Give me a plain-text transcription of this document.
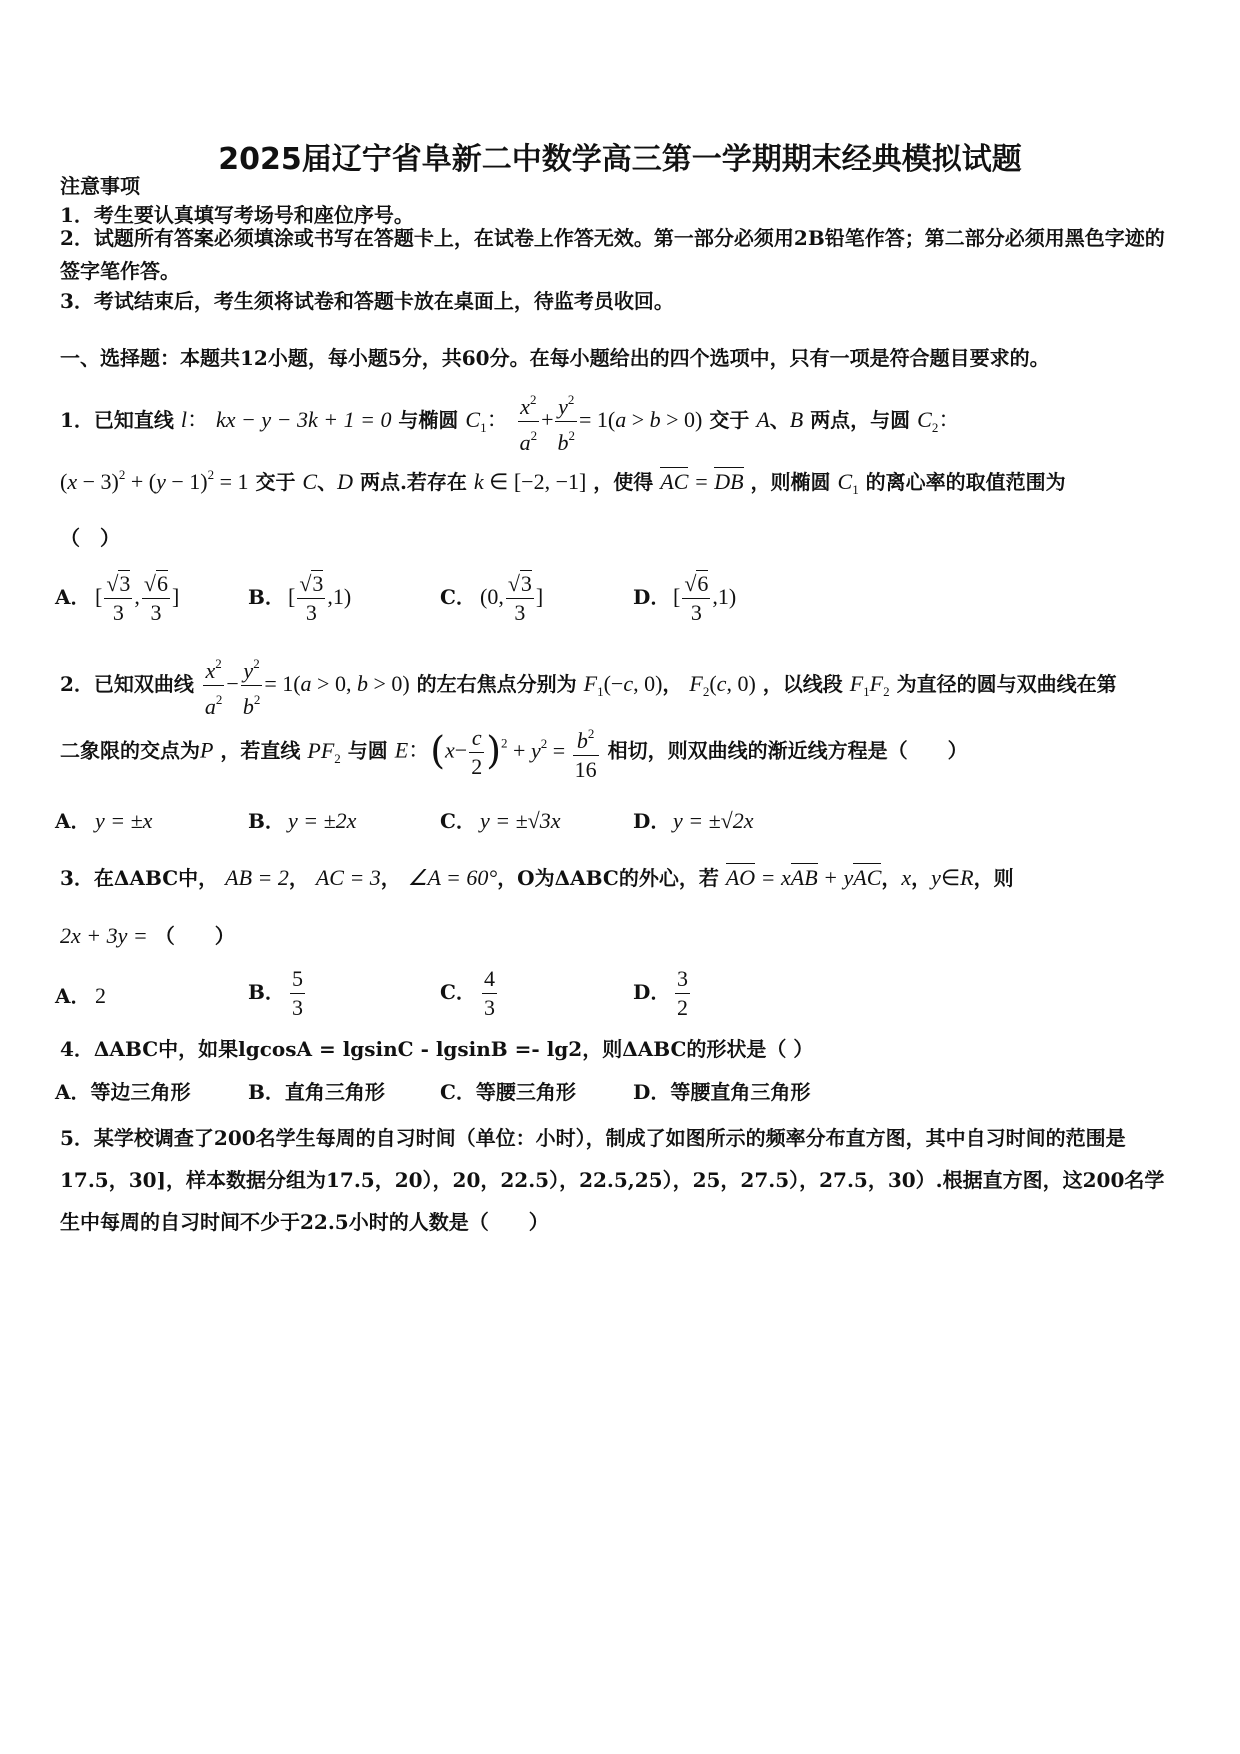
2025届辽宁省阜新二中数学高三第一学期期末经典模拟试题
注意事项
1．考生要认真填写考场号和座位序号。
2．试题所有答案必须填涂或书写在答题卡上，在试卷上作答无效。第一部分必须用2B铅笔作答；第二部分必须用黑色字迹的签字笔作答。
3．考试结束后，考生须将试卷和答题卡放在桌面上，待监考员收回。
一、选择题：本题共12小题，每小题5分，共60分。在每小题给出的四个选项中，只有一项是符合题目要求的。
1．已知直线 l： kx − y − 3k + 1 = 0 与椭圆 $C_1$： $\frac{x^2}{a^2} + \frac{y^2}{b^2} = 1(a > b > 0)$ 交于 A、B 两点，与圆 $C_2$：
$(x - 3)^2 + (y - 1)^2 = 1$ 交于 C、D 两点.若存在 k ∈ [−2, −1] ，使得 AC = DB ，则椭圆 $C_1$ 的离心率的取值范围为
（　）
A． [ $\frac{√3}{3}$ , $\frac{√6}{3}$ ]	B． [ $\frac{√3}{3} ,1$)	C． (0, $\frac{√3}{3}$ ]	D． [ $\frac{√6}{3} ,1$)
2．已知双曲线 $\frac{x^2}{a^2} - \frac{y^2}{b^2} = 1(a > 0$, b > 0) 的左右焦点分别为 $F_1(-c$, 0)， $F_2(c$, 0) ，以线段 $F_1F_2$ 为直径的圆与双曲线在第
二象限的交点为P ，若直线 $PF_2$ 与圆 E：$(x- \frac{c}{2} )^2 + y^2 = \frac{b^2}{16}$ 相切，则双曲线的渐近线方程是（　　）
A． y = ±x	B． y = ±2x	C． y = ±√3x	D． y = ±√2x
3．在ΔABC中， AB = 2， AC = 3， ∠A = 60°，O为ΔABC的外心，若 AO = xAB + yAC，x，y∈R，则
2x + 3y = （　　）
A． 2	B． $\frac{5}{3}$	C． $\frac{4}{3}$	D． $\frac{3}{2}$
4．ΔABC中，如果lgcosA = lgsinC - lgsinB =- lg2，则ΔABC的形状是（ ）
A．等边三角形	B．直角三角形	C．等腰三角形	D．等腰直角三角形
5．某学校调查了200名学生每周的自习时间（单位：小时），制成了如图所示的频率分布直方图，其中自习时间的范围是17.5，30]，样本数据分组为17.5，20），20，22.5），22.5,25），25，27.5），27.5，30）.根据直方图，这200名学生中每周的自习时间不少于22.5小时的人数是（　　）
